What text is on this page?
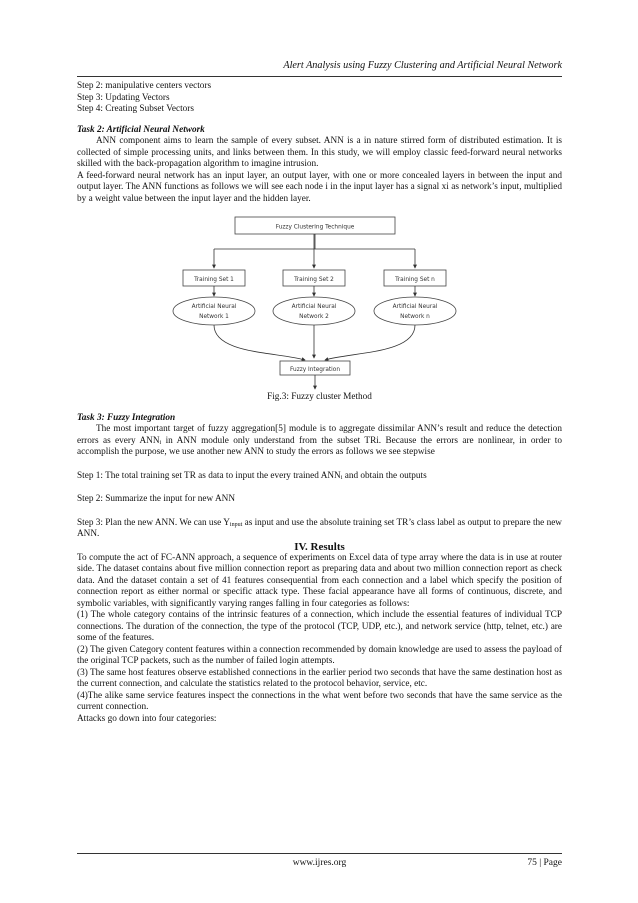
Alert Analysis using Fuzzy Clustering and Artificial Neural Network

Step 2: manipulative centers vectors

Step 3: Updating Vectors

Step 4: Creating Subset Vectors

Task 2: Artificial Neural Network

ANN component aims to learn the sample of every subset. ANN is a in nature stirred form of distributed estimation. It is collected of simple processing units, and links between them. In this study, we will employ classic feed-forward neural networks skilled with the back-propagation algorithm to imagine intrusion.

A feed-forward neural network has an input layer, an output layer, with one or more concealed layers in between the input and output layer. The ANN functions as follows we will see each node i in the input layer has a signal xi as network’s input, multiplied by a weight value between the input layer and the hidden layer.

Fuzzy Clustering Technique
Training Set 1	Training Set 2	Training Set n
Artificial Neural
Network 1
Artificial Neural
Network 2
Artificial Neural
Network n
Fuzzy Integration

Fig.3: Fuzzy cluster Method

Task 3: Fuzzy Integration

The most important target of fuzzy aggregation[5] module is to aggregate dissimilar ANN’s result and reduce the detection errors as every $ANN_i$ in ANN module only understand from the subset TRi. Because the errors are nonlinear, in order to accomplish the purpose, we use another new ANN to study the errors as follows we see stepwise

Step 1: The total training set TR as data to input the every trained $ANN_i$ and obtain the outputs

Step 2: Summarize the input for new ANN

Step 3: Plan the new ANN. We can use $Y_{input}$ as input and use the absolute training set TR’s class label as output to prepare the new ANN.

IV. Results

To compute the act of FC-ANN approach, a sequence of experiments on Excel data of type array where the data is in use at router side. The dataset contains about five million connection report as preparing data and about two million connection report as check data. And the dataset contain a set of 41 features consequential from each connection and a label which specify the position of connection report as either normal or specific attack type. These facial appearance have all forms of continuous, discrete, and symbolic variables, with significantly varying ranges falling in four categories as follows:

(1) The whole category contains of the intrinsic features of a connection, which include the essential features of individual TCP connections. The duration of the connection, the type of the protocol (TCP, UDP, etc.), and network service (http, telnet, etc.) are some of the features.

(2) The given Category content features within a connection recommended by domain knowledge are used to assess the payload of the original TCP packets, such as the number of failed login attempts.

(3) The same host features observe established connections in the earlier period two seconds that have the same destination host as the current connection, and calculate the statistics related to the protocol behavior, service, etc.

(4)The alike same service features inspect the connections in the what went before two seconds that have the same service as the current connection.

Attacks go down into four categories:

www.ijres.org	75 | Page
